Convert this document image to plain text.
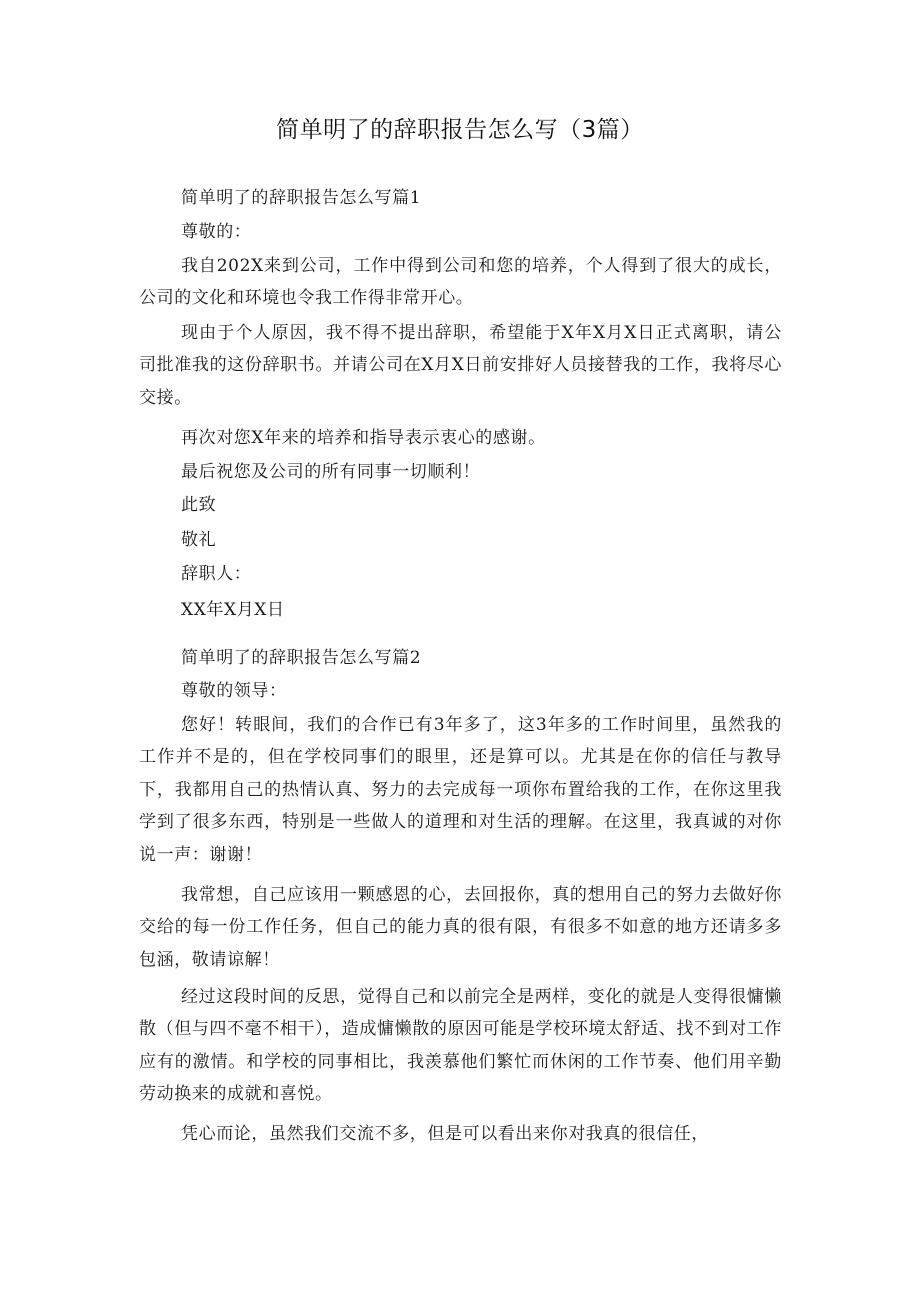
简单明了的辞职报告怎么写（3篇）

简单明了的辞职报告怎么写篇1

尊敬的：

我自202X来到公司，工作中得到公司和您的培养，个人得到了很大的成长，公司的文化和环境也令我工作得非常开心。

现由于个人原因，我不得不提出辞职，希望能于X年X月X日正式离职，请公司批准我的这份辞职书。并请公司在X月X日前安排好人员接替我的工作，我将尽心交接。

再次对您X年来的培养和指导表示衷心的感谢。

最后祝您及公司的所有同事一切顺利！

此致

敬礼

辞职人：

XX年X月X日

简单明了的辞职报告怎么写篇2

尊敬的领导：

您好！转眼间，我们的合作已有3年多了，这3年多的工作时间里，虽然我的工作并不是的，但在学校同事们的眼里，还是算可以。尤其是在你的信任与教导下，我都用自己的热情认真、努力的去完成每一项你布置给我的工作，在你这里我学到了很多东西，特别是一些做人的道理和对生活的理解。在这里，我真诚的对你说一声：谢谢！

我常想，自己应该用一颗感恩的心，去回报你，真的想用自己的努力去做好你交给的每一份工作任务，但自己的能力真的很有限，有很多不如意的地方还请多多包涵，敬请谅解！

经过这段时间的反思，觉得自己和以前完全是两样，变化的就是人变得很慵懒散（但与四不毫不相干），造成慵懒散的原因可能是学校环境太舒适、找不到对工作应有的激情。和学校的同事相比，我羡慕他们繁忙而休闲的工作节奏、他们用辛勤劳动换来的成就和喜悦。

凭心而论，虽然我们交流不多，但是可以看出来你对我真的很信任，
